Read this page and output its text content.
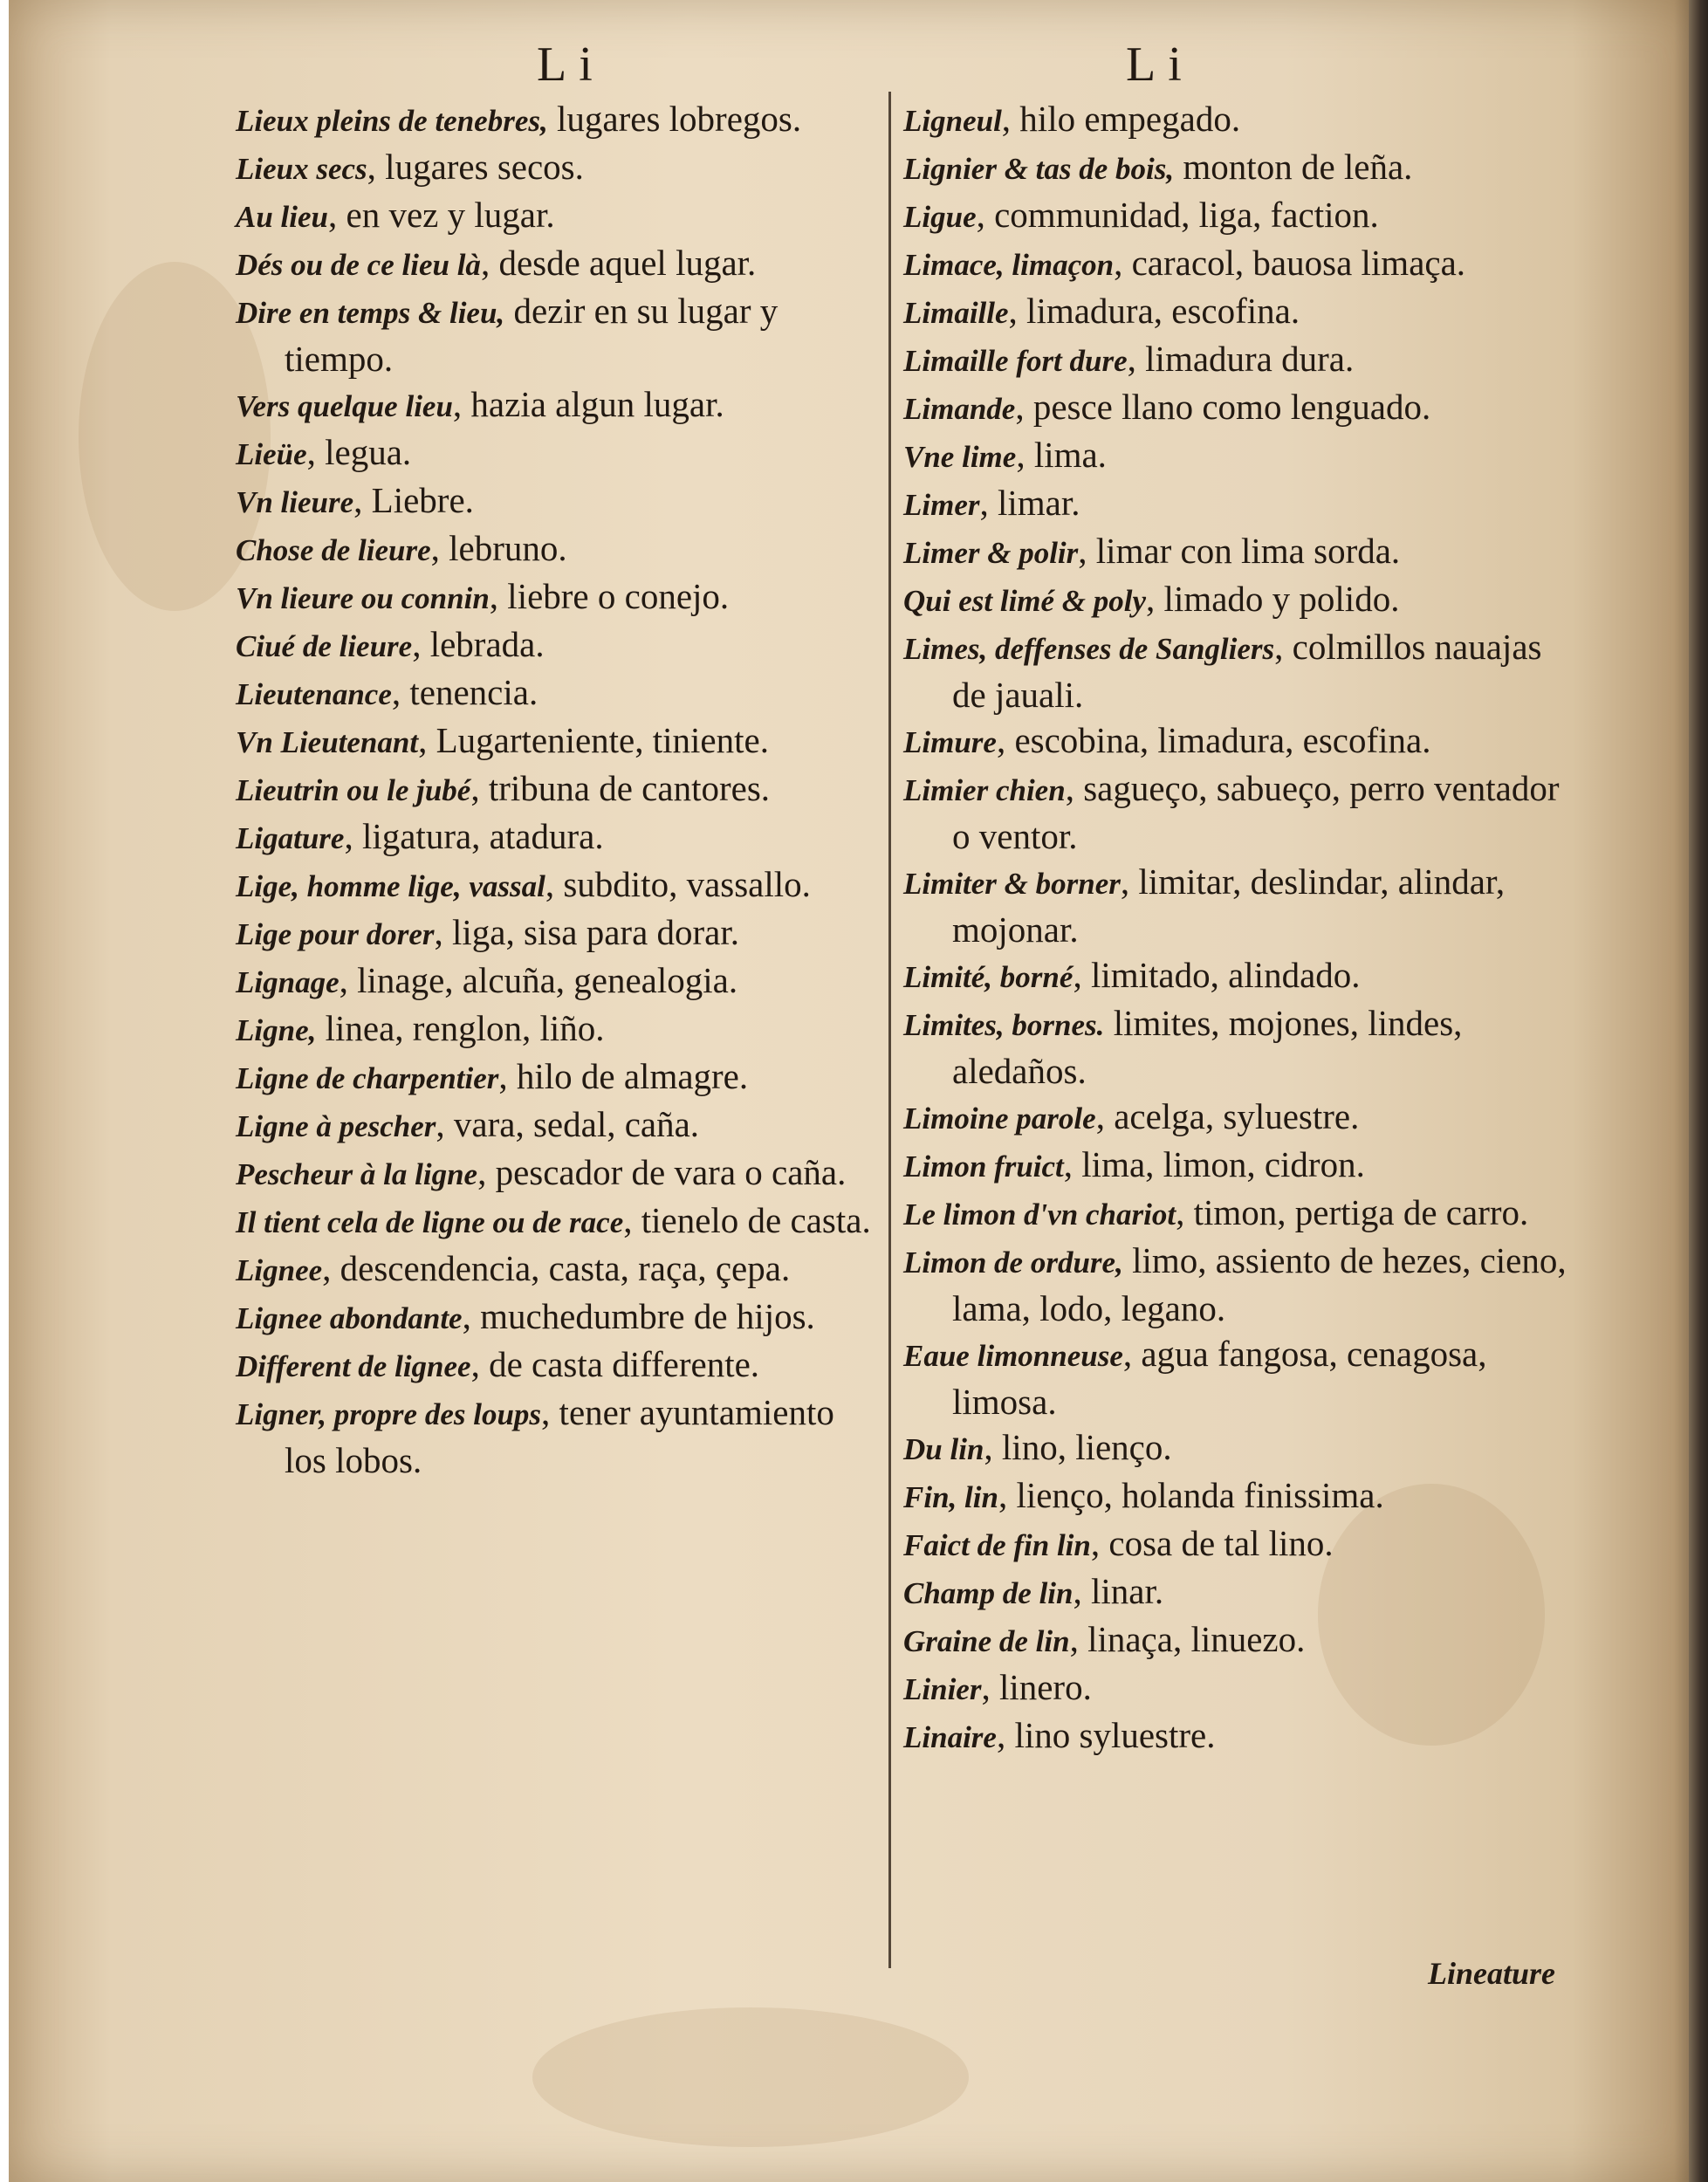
Li	Li
Lieux pleins de tenebres, lugares lobregos.
Lieux secs, lugares secos.
Au lieu, en vez y lugar.
Dés ou de ce lieu là, desde aquel lugar.
Dire en temps & lieu, dezir en su lugar y tiempo.
Vers quelque lieu, hazia algun lugar.
Lieüe, legua.
Vn lieure, Liebre.
Chose de lieure, lebruno.
Vn lieure ou connin, liebre o conejo.
Ciué de lieure, lebrada.
Lieutenance, tenencia.
Vn Lieutenant, Lugarteniente, tiniente.
Lieutrin ou le jubé, tribuna de cantores.
Ligature, ligatura, atadura.
Lige, homme lige, vassal, subdito, vassallo.
Lige pour dorer, liga, sisa para dorar.
Lignage, linage, alcuña, genealogia.
Ligne, linea, renglon, liño.
Ligne de charpentier, hilo de almagre.
Ligne à pescher, vara, sedal, caña.
Pescheur à la ligne, pescador de vara o caña.
Il tient cela de ligne ou de race, tienelo de casta.
Lignee, descendencia, casta, raça, çepa.
Lignee abondante, muchedumbre de hijos.
Different de lignee, de casta differente.
Ligner, propre des loups, tener ayuntamiento los lobos.
Ligneul, hilo empegado.
Lignier & tas de bois, monton de leña.
Ligue, communidad, liga, faction.
Limace, limaçon, caracol, bauosa limaça.
Limaille, limadura, escofina.
Limaille fort dure, limadura dura.
Limande, pesce llano como lenguado.
Vne lime, lima.
Limer, limar.
Limer & polir, limar con lima sorda.
Qui est limé & poly, limado y polido.
Limes, deffenses de Sangliers, colmillos nauajas de jauali.
Limure, escobina, limadura, escofina.
Limier chien, sagueço, sabueço, perro ventador o ventor.
Limiter & borner, limitar, deslindar, alindar, mojonar.
Limité, borné, limitado, alindado.
Limites, bornes. limites, mojones, lindes, aledaños.
Limoine parole, acelga, syluestre.
Limon fruict, lima, limon, cidron.
Le limon d'vn chariot, timon, pertiga de carro.
Limon de ordure, limo, assiento de hezes, cieno, lama, lodo, legano.
Eaue limonneuse, agua fangosa, cenagosa, limosa.
Du lin, lino, lienço.
Fin, lin, lienço, holanda finissima.
Faict de fin lin, cosa de tal lino.
Champ de lin, linar.
Graine de lin, linaça, linuezo.
Linier, linero.
Linaire, lino syluestre.
Lineature
